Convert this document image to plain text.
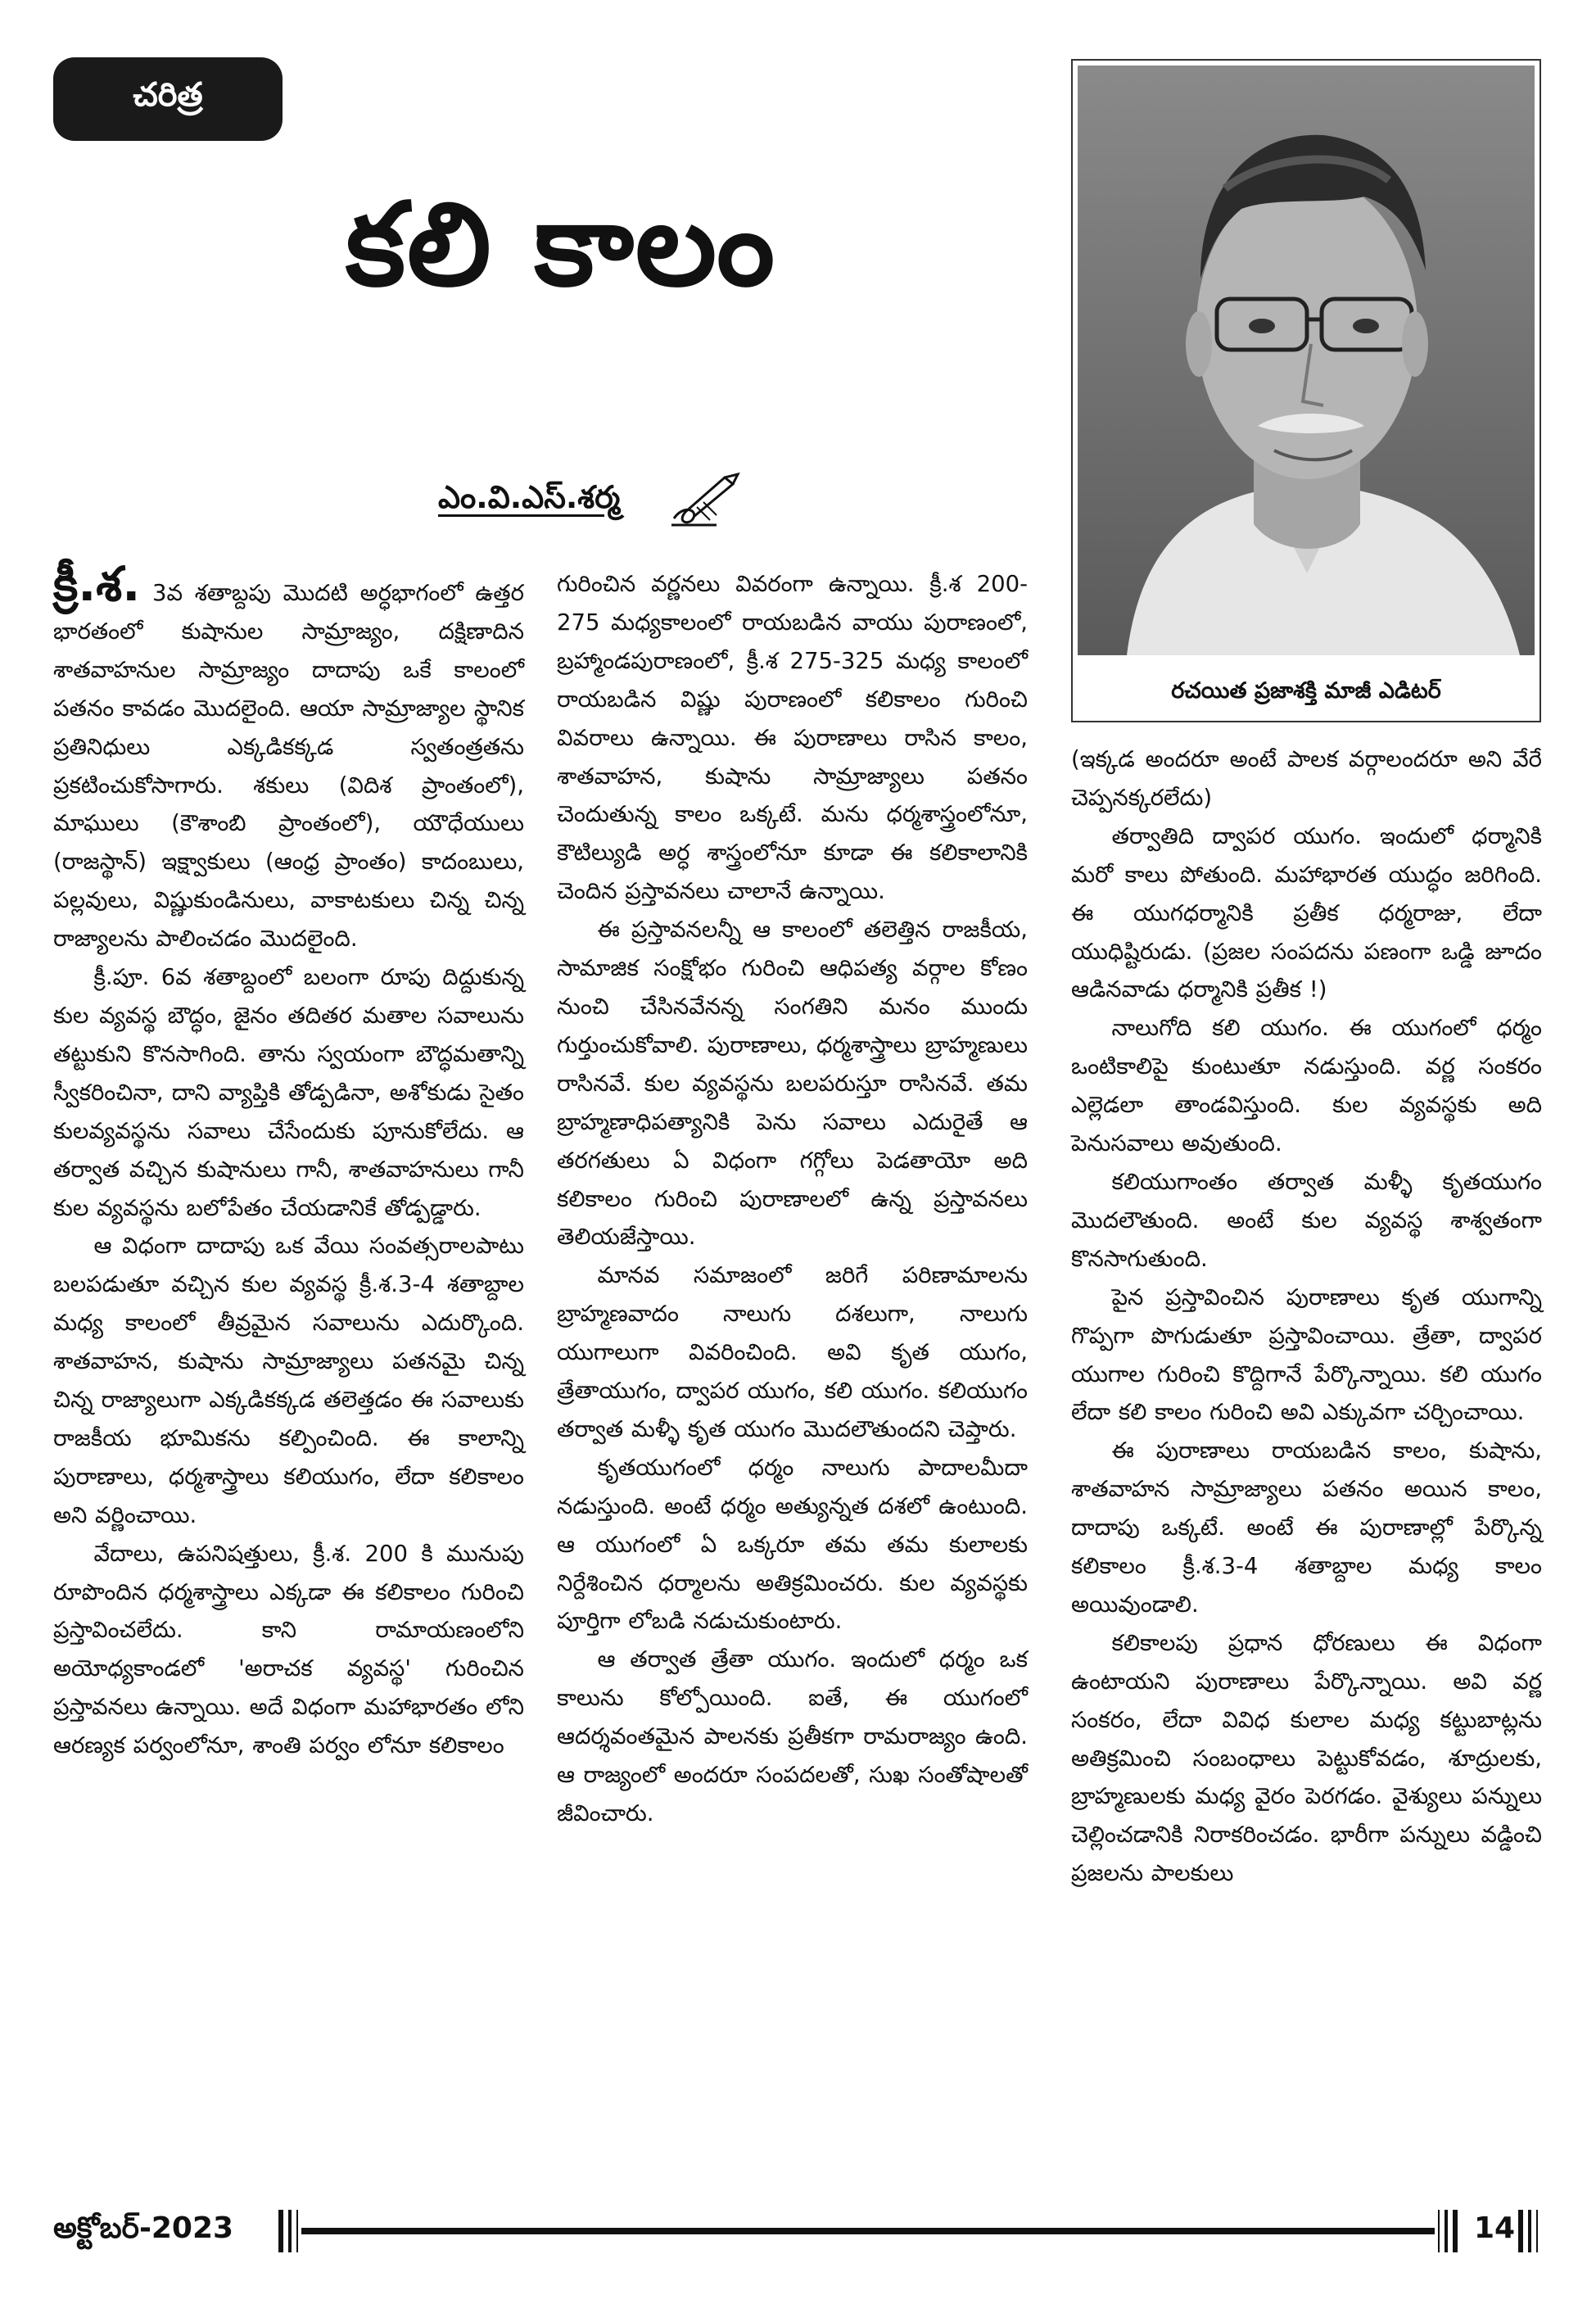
చరిత్ర
కలి కాలం
ఎం.వి.ఎస్.శర్మ
రచయిత ప్రజాశక్తి మాజీ ఎడిటర్

క్రీ.శ. 3వ శతాబ్దపు మొదటి అర్ధభాగంలో ఉత్తర భారతంలో కుషానుల సామ్రాజ్యం, దక్షిణాదిన శాతవాహనుల సామ్రాజ్యం దాదాపు ఒకే కాలంలో పతనం కావడం మొదలైంది. ఆయా సామ్రాజ్యాల స్థానిక ప్రతినిధులు ఎక్కడికక్కడ స్వతంత్రతను ప్రకటించుకోసాగారు. శకులు (విదిశ ప్రాంతంలో), మాఘులు (కౌశాంబి ప్రాంతంలో), యౌధేయులు (రాజస్థాన్) ఇక్ష్వాకులు (ఆంధ్ర ప్రాంతం) కాదంబులు, పల్లవులు, విష్ణుకుండినులు, వాకాటకులు చిన్న చిన్న రాజ్యాలను పాలించడం మొదలైంది.

క్రీ.పూ. 6వ శతాబ్దంలో బలంగా రూపు దిద్దుకున్న కుల వ్యవస్థ బౌద్ధం, జైనం తదితర మతాల సవాలును తట్టుకుని కొనసాగింది. తాను స్వయంగా బౌద్ధమతాన్ని స్వీకరించినా, దాని వ్యాప్తికి తోడ్పడినా, అశోకుడు సైతం కులవ్యవస్థను సవాలు చేసేందుకు పూనుకోలేదు. ఆ తర్వాత వచ్చిన కుషానులు గానీ, శాతవాహనులు గానీ కుల వ్యవస్థను బలోపేతం చేయడానికే తోడ్పడ్డారు.

ఆ విధంగా దాదాపు ఒక వేయి సంవత్సరాలపాటు బలపడుతూ వచ్చిన కుల వ్యవస్థ క్రీ.శ.3-4 శతాబ్దాల మధ్య కాలంలో తీవ్రమైన సవాలును ఎదుర్కొంది. శాతవాహన, కుషాను సామ్రాజ్యాలు పతనమై చిన్న చిన్న రాజ్యాలుగా ఎక్కడికక్కడ తలెత్తడం ఈ సవాలుకు రాజకీయ భూమికను కల్పించింది. ఈ కాలాన్ని పురాణాలు, ధర్మశాస్త్రాలు కలియుగం, లేదా కలికాలం అని వర్ణించాయి.

వేదాలు, ఉపనిషత్తులు, క్రీ.శ. 200 కి మునుపు రూపొందిన ధర్మశాస్త్రాలు ఎక్కడా ఈ కలికాలం గురించి ప్రస్తావించలేదు. కాని రామాయణంలోని అయోధ్యకాండలో 'అరాచక వ్యవస్థ' గురించిన ప్రస్తావనలు ఉన్నాయి. అదే విధంగా మహాభారతం లోని ఆరణ్యక పర్వంలోనూ, శాంతి పర్వం లోనూ కలికాలం

గురించిన వర్ణనలు వివరంగా ఉన్నాయి. క్రీ.శ 200-275 మధ్యకాలంలో రాయబడిన వాయు పురాణంలో, బ్రహ్మాండపురాణంలో, క్రీ.శ 275-325 మధ్య కాలంలో రాయబడిన విష్ణు పురాణంలో కలికాలం గురించి వివరాలు ఉన్నాయి. ఈ పురాణాలు రాసిన కాలం, శాతవాహన, కుషాను సామ్రాజ్యాలు పతనం చెందుతున్న కాలం ఒక్కటే. మను ధర్మశాస్త్రంలోనూ, కౌటిల్యుడి అర్ధ శాస్త్రంలోనూ కూడా ఈ కలికాలానికి చెందిన ప్రస్తావనలు చాలానే ఉన్నాయి.

ఈ ప్రస్తావనలన్నీ ఆ కాలంలో తలెత్తిన రాజకీయ, సామాజిక సంక్షోభం గురించి ఆధిపత్య వర్గాల కోణం నుంచి చేసినవేనన్న సంగతిని మనం ముందు గుర్తుంచుకోవాలి. పురాణాలు, ధర్మశాస్త్రాలు బ్రాహ్మణులు రాసినవే. కుల వ్యవస్థను బలపరుస్తూ రాసినవే. తమ బ్రాహ్మణాధిపత్యానికి పెను సవాలు ఎదురైతే ఆ తరగతులు ఏ విధంగా గగ్గోలు పెడతాయో అది కలికాలం గురించి పురాణాలలో ఉన్న ప్రస్తావనలు తెలియజేస్తాయి.

మానవ సమాజంలో జరిగే పరిణామాలను బ్రాహ్మణవాదం నాలుగు దశలుగా, నాలుగు యుగాలుగా వివరించింది. అవి కృత యుగం, త్రేతాయుగం, ద్వాపర యుగం, కలి యుగం. కలియుగం తర్వాత మళ్ళీ కృత యుగం మొదలౌతుందని చెప్తారు.

కృతయుగంలో ధర్మం నాలుగు పాదాలమీదా నడుస్తుంది. అంటే ధర్మం అత్యున్నత దశలో ఉంటుంది. ఆ యుగంలో ఏ ఒక్కరూ తమ తమ కులాలకు నిర్దేశించిన ధర్మాలను అతిక్రమించరు. కుల వ్యవస్థకు పూర్తిగా లోబడి నడుచుకుంటారు.

ఆ తర్వాత త్రేతా యుగం. ఇందులో ధర్మం ఒక కాలును కోల్పోయింది. ఐతే, ఈ యుగంలో ఆదర్శవంతమైన పాలనకు ప్రతీకగా రామరాజ్యం ఉంది. ఆ రాజ్యంలో అందరూ సంపదలతో, సుఖ సంతోషాలతో జీవించారు.

(ఇక్కడ అందరూ అంటే పాలక వర్గాలందరూ అని వేరే చెప్పనక్కరలేదు)

తర్వాతిది ద్వాపర యుగం. ఇందులో ధర్మానికి మరో కాలు పోతుంది. మహాభారత యుద్ధం జరిగింది. ఈ యుగధర్మానికి ప్రతీక ధర్మరాజు, లేదా యుధిష్టిరుడు. (ప్రజల సంపదను పణంగా ఒడ్డి జూదం ఆడినవాడు ధర్మానికి ప్రతీక !)

నాలుగోది కలి యుగం. ఈ యుగంలో ధర్మం ఒంటికాలిపై కుంటుతూ నడుస్తుంది. వర్ణ సంకరం ఎల్లెడలా తాండవిస్తుంది. కుల వ్యవస్థకు అది పెనుసవాలు అవుతుంది.

కలియుగాంతం తర్వాత మళ్ళీ కృతయుగం మొదలౌతుంది. అంటే కుల వ్యవస్థ శాశ్వతంగా కొనసాగుతుంది.

పైన ప్రస్తావించిన పురాణాలు కృత యుగాన్ని గొప్పగా పొగుడుతూ ప్రస్తావించాయి. త్రేతా, ద్వాపర యుగాల గురించి కొద్దిగానే పేర్కొన్నాయి. కలి యుగం లేదా కలి కాలం గురించి అవి ఎక్కువగా చర్చించాయి.

ఈ పురాణాలు రాయబడిన కాలం, కుషాను, శాతవాహన సామ్రాజ్యాలు పతనం అయిన కాలం, దాదాపు ఒక్కటే. అంటే ఈ పురాణాల్లో పేర్కొన్న కలికాలం క్రీ.శ.3-4 శతాబ్దాల మధ్య కాలం అయివుండాలి.

కలికాలపు ప్రధాన ధోరణులు ఈ విధంగా ఉంటాయని పురాణాలు పేర్కొన్నాయి. అవి వర్ణ సంకరం, లేదా వివిధ కులాల మధ్య కట్టుబాట్లను అతిక్రమించి సంబంధాలు పెట్టుకోవడం, శూద్రులకు, బ్రాహ్మణులకు మధ్య వైరం పెరగడం. వైశ్యులు పన్నులు చెల్లించడానికి నిరాకరించడం. భారీగా పన్నులు వడ్డించి ప్రజలను పాలకులు

అక్టోబర్-2023	14
